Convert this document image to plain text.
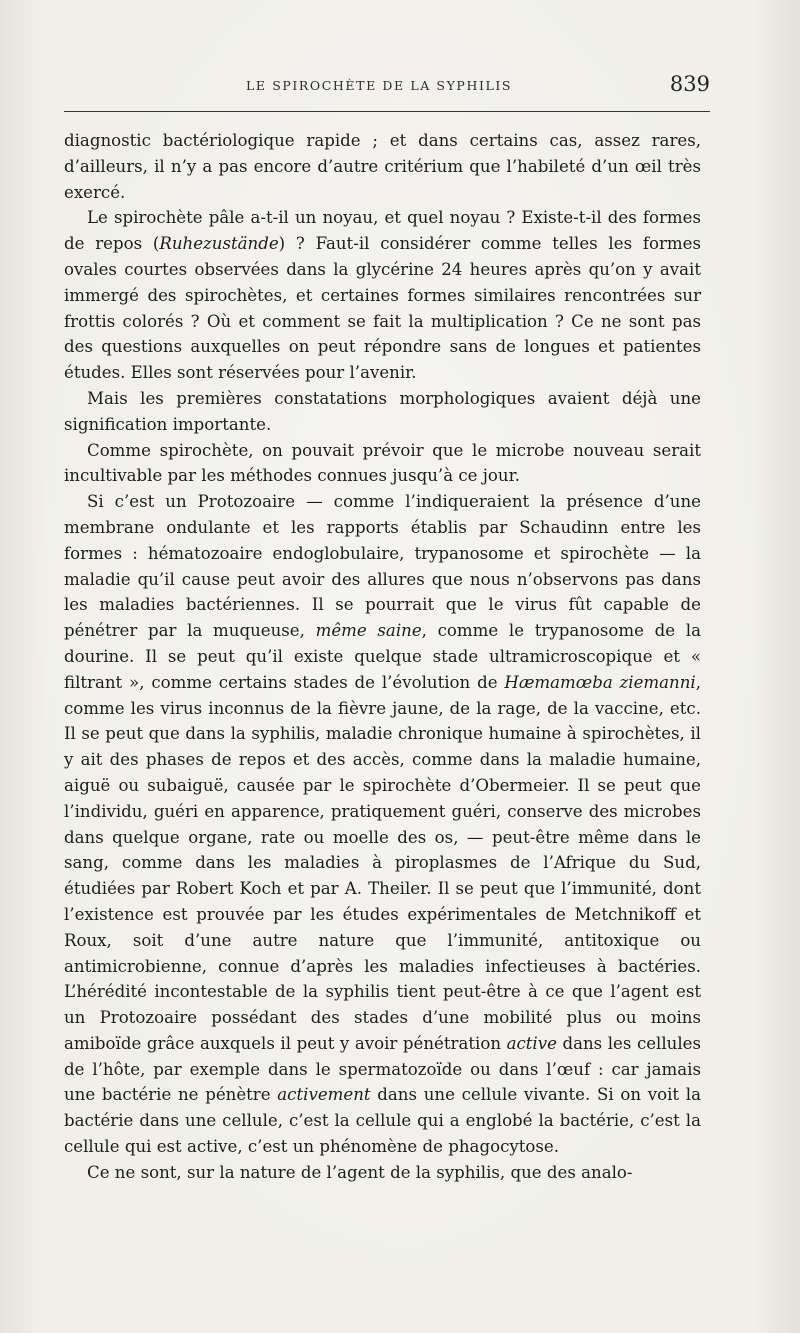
LE SPIROCHÈTE DE LA SYPHILIS	839

diagnostic bactériologique rapide ; et dans certains cas, assez rares, d’ailleurs, il n’y a pas encore d’autre critérium que l’habileté d’un œil très exercé.

Le spirochète pâle a-t-il un noyau, et quel noyau ? Existe-t-il des formes de repos (Ruhezustände) ? Faut-il considérer comme telles les formes ovales courtes observées dans la glycérine 24 heures après qu’on y avait immergé des spirochètes, et certaines formes similaires rencontrées sur frottis colorés ? Où et comment se fait la multiplication ? Ce ne sont pas des questions auxquelles on peut répondre sans de longues et patientes études. Elles sont réservées pour l’avenir.

Mais les premières constatations morphologiques avaient déjà une signification importante.

Comme spirochète, on pouvait prévoir que le microbe nouveau serait incultivable par les méthodes connues jusqu’à ce jour.

Si c’est un Protozoaire — comme l’indiqueraient la présence d’une membrane ondulante et les rapports établis par Schaudinn entre les formes : hématozoaire endoglobulaire, trypanosome et spirochète — la maladie qu’il cause peut avoir des allures que nous n’observons pas dans les maladies bactériennes. Il se pourrait que le virus fût capable de pénétrer par la muqueuse, même saine, comme le trypanosome de la dourine. Il se peut qu’il existe quelque stade ultramicroscopique et « filtrant », comme certains stades de l’évolution de Hæmamœba ziemanni, comme les virus inconnus de la fièvre jaune, de la rage, de la vaccine, etc. Il se peut que dans la syphilis, maladie chronique humaine à spirochètes, il y ait des phases de repos et des accès, comme dans la maladie humaine, aiguë ou subaiguë, causée par le spirochète d’Obermeier. Il se peut que l’individu, guéri en apparence, pratiquement guéri, conserve des microbes dans quelque organe, rate ou moelle des os, — peut-être même dans le sang, comme dans les maladies à piroplasmes de l’Afrique du Sud, étudiées par Robert Koch et par A. Theiler. Il se peut que l’immunité, dont l’existence est prouvée par les études expérimentales de Metchnikoff et Roux, soit d’une autre nature que l’immunité, antitoxique ou antimicrobienne, connue d’après les maladies infectieuses à bactéries. L’hérédité incontestable de la syphilis tient peut-être à ce que l’agent est un Protozoaire possédant des stades d’une mobilité plus ou moins amiboïde grâce auxquels il peut y avoir pénétration active dans les cellules de l’hôte, par exemple dans le spermatozoïde ou dans l’œuf : car jamais une bactérie ne pénètre activement dans une cellule vivante. Si on voit la bactérie dans une cellule, c’est la cellule qui a englobé la bactérie, c’est la cellule qui est active, c’est un phénomène de phagocytose.

Ce ne sont, sur la nature de l’agent de la syphilis, que des analo-
